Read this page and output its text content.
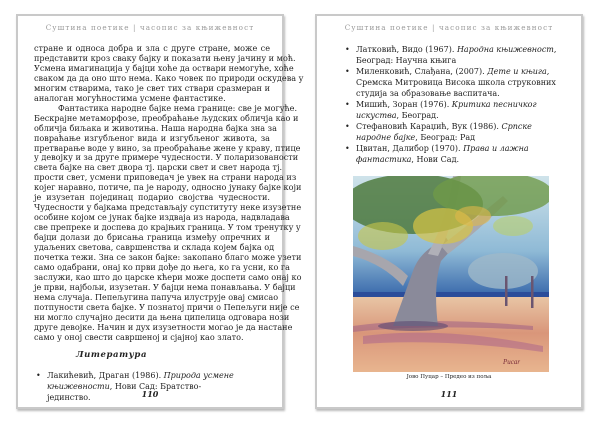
Суштина поетике | часопис за књижевност
стране и односа добра и зла с друге стране, може се
представити кроз сваку бајку и показати њену јачину и моћ.
Усмена имагинација у бајци хоће да оствари немогуће, хоће
сваком да да оно што нема. Како човек по природи оскудева у
многим стварима, тако је свет тих ствари сразмеран и
аналоган могућностима усмене фантастике.
Фантастика народне бајке нема границе: све је могуће.
Бескрајне метаморфозе, преобраћање људских обличја као и
обличја биљака и животиња. Наша народна бајка зна за
повраћање изгубљеног вида и изгубљеног живота, за
претварање воде у вино, за преобраћање жене у краву, птице
у девојку и за друге примере чудесности. У поларизованости
света бајке на свет двора тј. царски свет и свет народа тј.
прости свет, усмени приповедач је увек на страни народа из
којег наравно, потиче, па је народу, односно јунаку бајке који
је изузетан појединац подарио својства чудесности.
Чудесности у бајкама представљају супституту неке изузетне
особине којом се јунак бајке издваја из народа, надвладава
све препреке и доспева до крајњих граница. У том тренутку у
бајци долази до брисања граница између опречних и
удаљених светова, савршенства и склада којем бајка од
почетка тежи. Зна се закон бајке: закопано благо може узети
само одабрани, онај ко први дође до њега, ко га усни, ко га
заслужи, као што до царске кћери може доспети само онај ко
је први, најбољи, изузетан. У бајци нема понављања. У бајци
нема случаја. Пепељугина папуча илуструје овај смисао
потпуности света бајке. У познатој причи о Пепељуги није се
ни могло случајно десити да њена ципелица одговара нози
друге девојке. Начин и дух изузетности могао је да настане
само у оној свести савршеној и сјајној као злато.
Литература
• Лакићевић, Драган (1986). Природа усмене књижевности, Нови Сад: Братство-јединство.	110
Суштина поетике | часопис за књижевност
• Латковић, Видо (1967). Народна књижевност, Београд: Научна књига
• Миленковић, Слађана, (2007). Дете и књига, Сремска Митровица Висока школа струковних студија за образовање васпитача.
• Мишић, Зоран (1976). Критика песничког искуства, Београд.
• Стефановић Караџић, Вук (1986). Српске народне бајке, Београд: Рад
• Цвитан, Далибор (1970). Права и лажна фантастика, Нови Сад.
Pucar
Јово Пуцар – Предео из поља
111
